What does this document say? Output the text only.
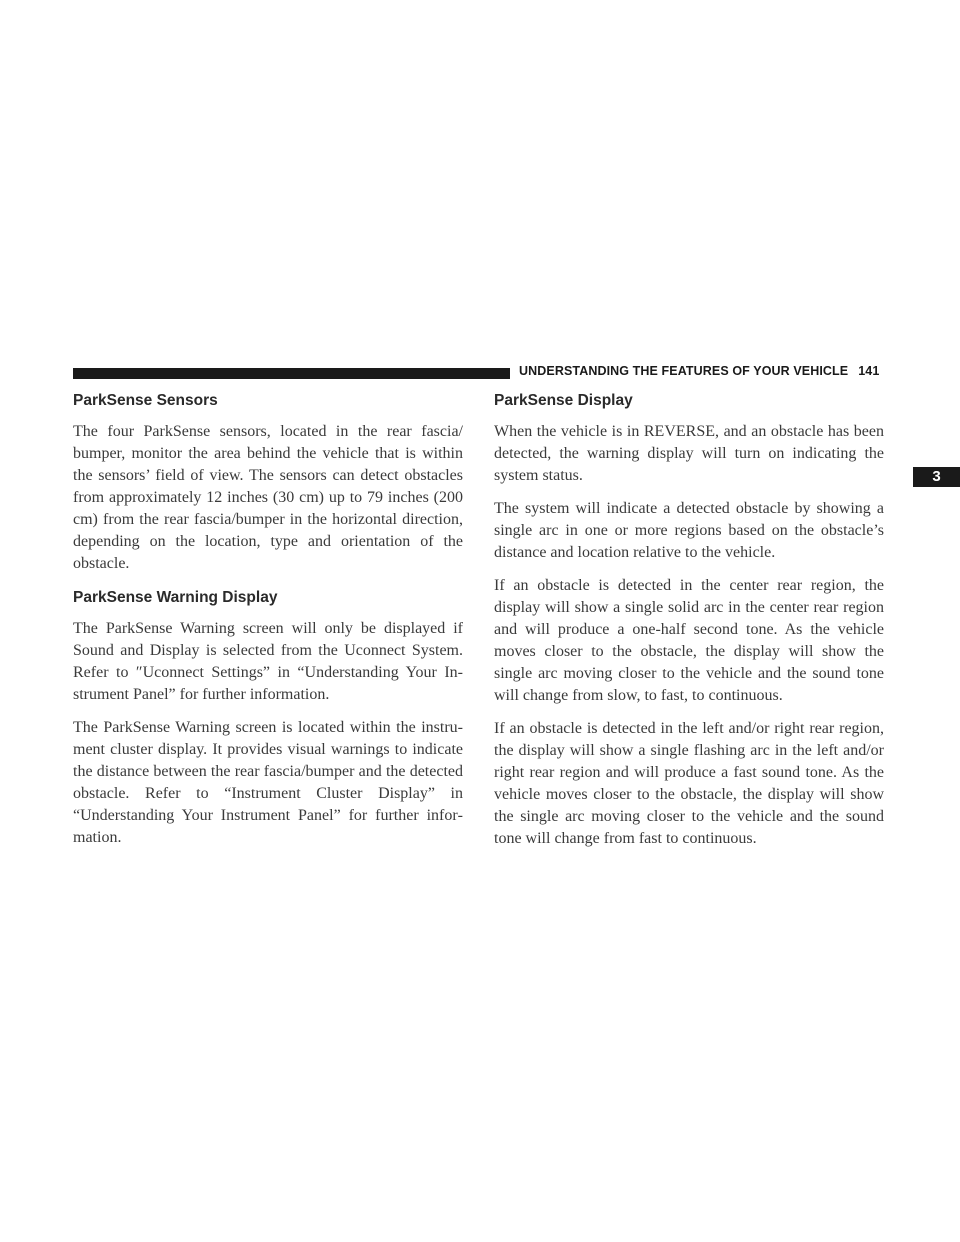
UNDERSTANDING THE FEATURES OF YOUR VEHICLE 141
3
ParkSense Sensors

The four ParkSense sensors, located in the rear fascia/ bumper, monitor the area behind the vehicle that is within the sensors’ field of view. The sensors can detect obstacles from approximately 12 inches (30 cm) up to 79 inches (200 cm) from the rear fascia/bumper in the horizontal direction, depending on the location, type and orientation of the obstacle.

ParkSense Warning Display

The ParkSense Warning screen will only be displayed if Sound and Display is selected from the Uconnect System. Refer to ″Uconnect Settings” in “Understanding Your Instrument Panel” for further information.

The ParkSense Warning screen is located within the instrument cluster display. It provides visual warnings to indicate the distance between the rear fascia/bumper and the detected obstacle. Refer to “Instrument Cluster Display” in “Understanding Your Instrument Panel” for further information.

ParkSense Display

When the vehicle is in REVERSE, and an obstacle has been detected, the warning display will turn on indicating the system status.

The system will indicate a detected obstacle by showing a single arc in one or more regions based on the obstacle’s distance and location relative to the vehicle.

If an obstacle is detected in the center rear region, the display will show a single solid arc in the center rear region and will produce a one-half second tone. As the vehicle moves closer to the obstacle, the display will show the single arc moving closer to the vehicle and the sound tone will change from slow, to fast, to continuous.

If an obstacle is detected in the left and/or right rear region, the display will show a single flashing arc in the left and/or right rear region and will produce a fast sound tone. As the vehicle moves closer to the obstacle, the display will show the single arc moving closer to the vehicle and the sound tone will change from fast to continuous.
